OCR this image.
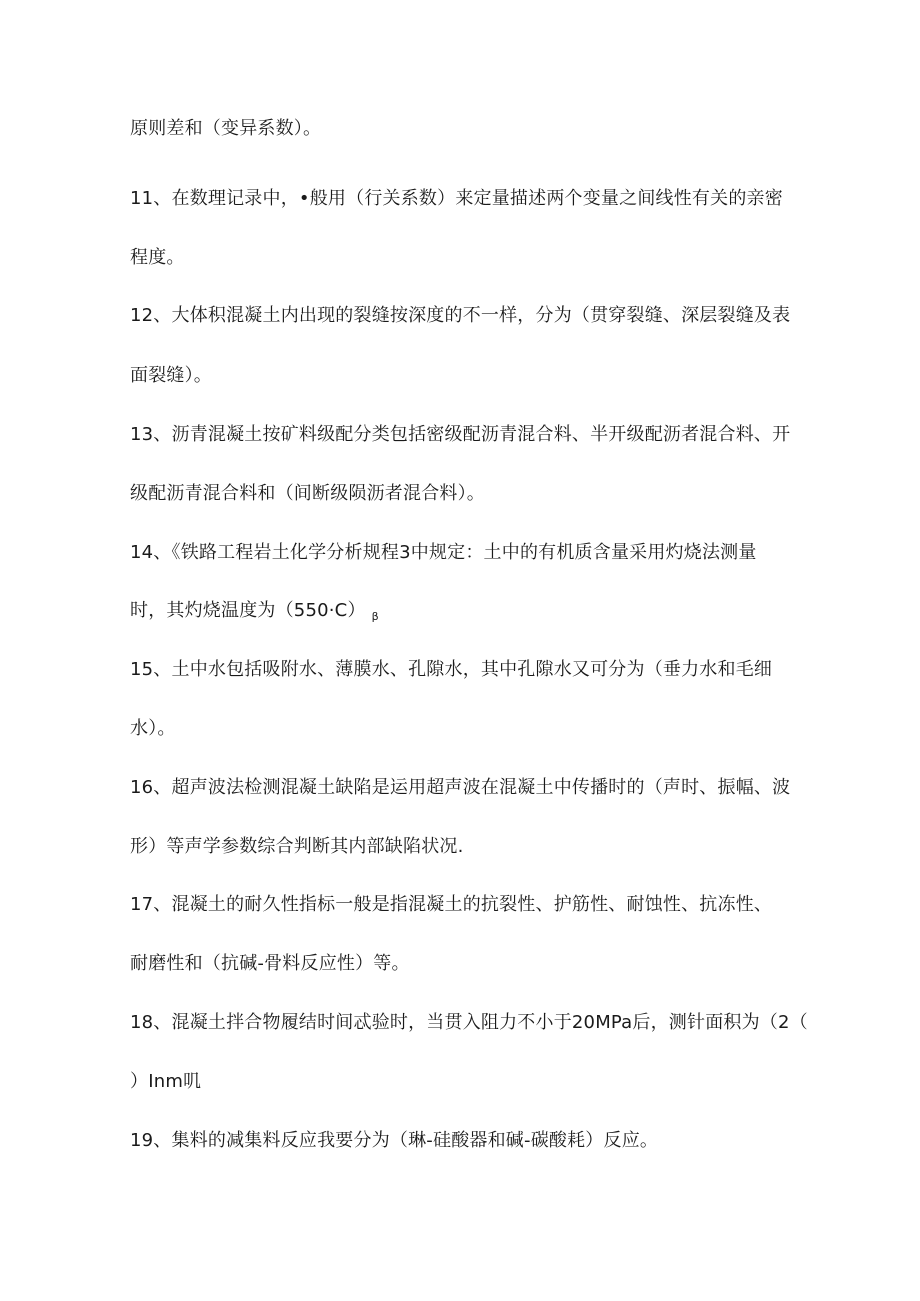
原则差和（变异系数）。
11、在数理记录中，•般用（行关系数）来定量描述两个变量之间线性有关的亲密
程度。
12、大体积混凝土内出现的裂缝按深度的不一样，分为（贯穿裂缝、深层裂缝及表
面裂缝）。
13、沥青混凝土按矿料级配分类包括密级配沥青混合料、半开级配沥者混合料、开
级配沥青混合料和（间断级陨沥者混合料）。
14、《铁路工程岩土化学分析规程3中规定：土中的有机质含量采用灼烧法测量
时，其灼烧温度为（550·C） $_\beta$
15、土中水包括吸附水、薄膜水、孔隙水，其中孔隙水又可分为（垂力水和毛细
水）。
16、超声波法检测混凝土缺陷是运用超声波在混凝土中传播时的（声时、振幅、波
形）等声学参数综合判断其内部缺陷状况.
17、混凝土的耐久性指标一般是指混凝土的抗裂性、护筋性、耐蚀性、抗冻性、
耐磨性和（抗碱-骨料反应性）等。
18、混凝土拌合物履结时间忒验时，当贯入阻力不小于20MPa后，测针面积为（2（
）Inm叽
19、集料的减集料反应我要分为（琳-硅酸器和碱-碳酸耗）反应。
